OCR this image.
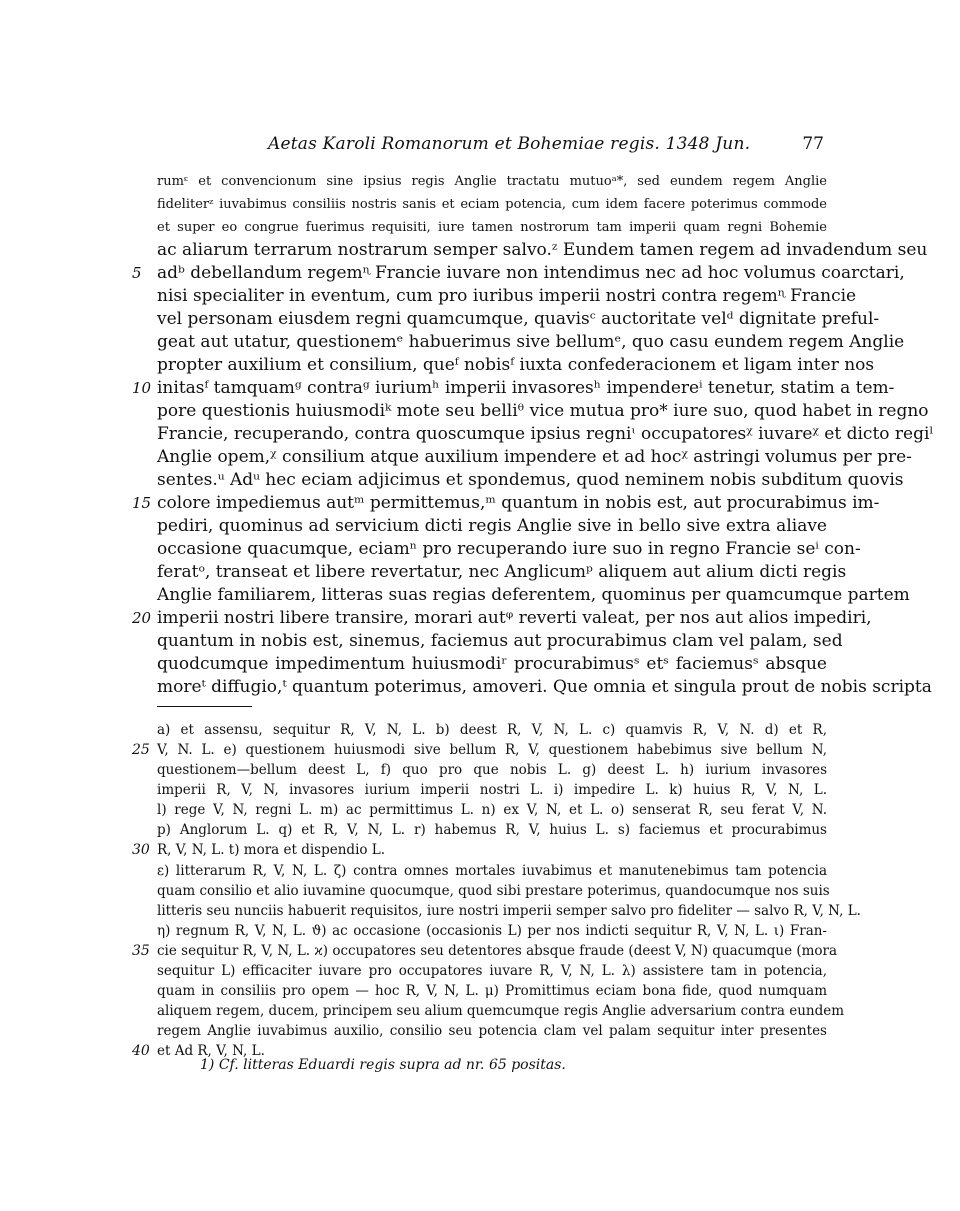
Aetas Karoli Romanorum et Bohemiae regis. 1348 Jun.	77
rumᵋ et convencionum sine ipsius regis Anglie tractatu mutuoᵃ*, sed eundem regem Anglie
fideliterᶻ iuvabimus consiliis nostris sanis et eciam potencia, cum idem facere poterimus commode
et super eo congrue fuerimus requisiti, iure tamen nostrorum tam imperii quam regni Bohemie
ac aliarum terrarum nostrarum semper salvo.ᶻ Eundem tamen regem ad invadendum seu
5 adᵇ debellandum regemᶯ Francie iuvare non intendimus nec ad hoc volumus coarctari,
nisi specialiter in eventum, cum pro iuribus imperii nostri contra regemᶯ Francie
vel personam eiusdem regni quamcumque, quavisᶜ auctoritate velᵈ dignitate preful-
geat aut utatur, questionemᵉ habuerimus sive bellumᵉ, quo casu eundem regem Anglie
propter auxilium et consilium, queᶠ nobisᶠ iuxta confederacionem et ligam inter nos
10 initasᶠ tamquamᵍ contraᵍ iuriumʰ imperii invasoresʰ impendereⁱ tenetur, statim a tem-
pore questionis huiusmodiᵏ mote seu belliᶿ vice mutua pro* iure suo, quod habet in regno
Francie, recuperando, contra quoscumque ipsius regniᶥ occupatoresᵡ iuvareᵡ et dicto regiˡ
Anglie opem,ᵡ consilium atque auxilium impendere et ad hocᵡ astringi volumus per pre-
sentes.ᵘ Adᵘ hec eciam adjicimus et spondemus, quod neminem nobis subditum quovis
15 colore impediemus autᵐ permittemus,ᵐ quantum in nobis est, aut procurabimus im-
pediri, quominus ad servicium dicti regis Anglie sive in bello sive extra aliave
occasione quacumque, eciamⁿ pro recuperando iure suo in regno Francie seⁱ con-
feratᵒ, transeat et libere revertatur, nec Anglicumᵖ aliquem aut alium dicti regis
Anglie familiarem, litteras suas regias deferentem, quominus per quamcumque partem
20 imperii nostri libere transire, morari autᵠ reverti valeat, per nos aut alios impediri,
quantum in nobis est, sinemus, faciemus aut procurabimus clam vel palam, sed
quodcumque impedimentum huiusmodiʳ procurabimusˢ etˢ faciemusˢ absque
moreᵗ diffugio,ᵗ quantum poterimus, amoveri. Que omnia et singula prout de nobis scripta
a) et assensu, sequitur R, V, N, L. b) deest R, V, N, L. c) quamvis R, V, N. d) et R,
25 V, N. L. e) questionem huiusmodi sive bellum R, V, questionem habebimus sive bellum N,
questionem—bellum deest L, f) quo pro que nobis L. g) deest L. h) iurium invasores
imperii R, V, N, invasores iurium imperii nostri L. i) impedire L. k) huius R, V, N, L.
l) rege V, N, regni L. m) ac permittimus L. n) ex V, N, et L. o) senserat R, seu ferat V, N.
p) Anglorum L. q) et R, V, N, L. r) habemus R, V, huius L. s) faciemus et procurabimus
30 R, V, N, L. t) mora et dispendio L.
ε) litterarum R, V, N, L. ζ) contra omnes mortales iuvabimus et manutenebimus tam potencia
quam consilio et alio iuvamine quocumque, quod sibi prestare poterimus, quandocumque nos suis
litteris seu nunciis habuerit requisitos, iure nostri imperii semper salvo pro fideliter — salvo R, V, N, L.
η) regnum R, V, N, L. ϑ) ac occasione (occasionis L) per nos indicti sequitur R, V, N, L. ι) Fran-
35 cie sequitur R, V, N, L. ϰ) occupatores seu detentores absque fraude (deest V, N) quacumque (mora
sequitur L) efficaciter iuvare pro occupatores iuvare R, V, N, L. λ) assistere tam in potencia,
quam in consiliis pro opem — hoc R, V, N, L. μ) Promittimus eciam bona fide, quod numquam
aliquem regem, ducem, principem seu alium quemcumque regis Anglie adversarium contra eundem
regem Anglie iuvabimus auxilio, consilio seu potencia clam vel palam sequitur inter presentes
40 et Ad R, V, N, L.
1) Cf. litteras Eduardi regis supra ad nr. 65 positas.
